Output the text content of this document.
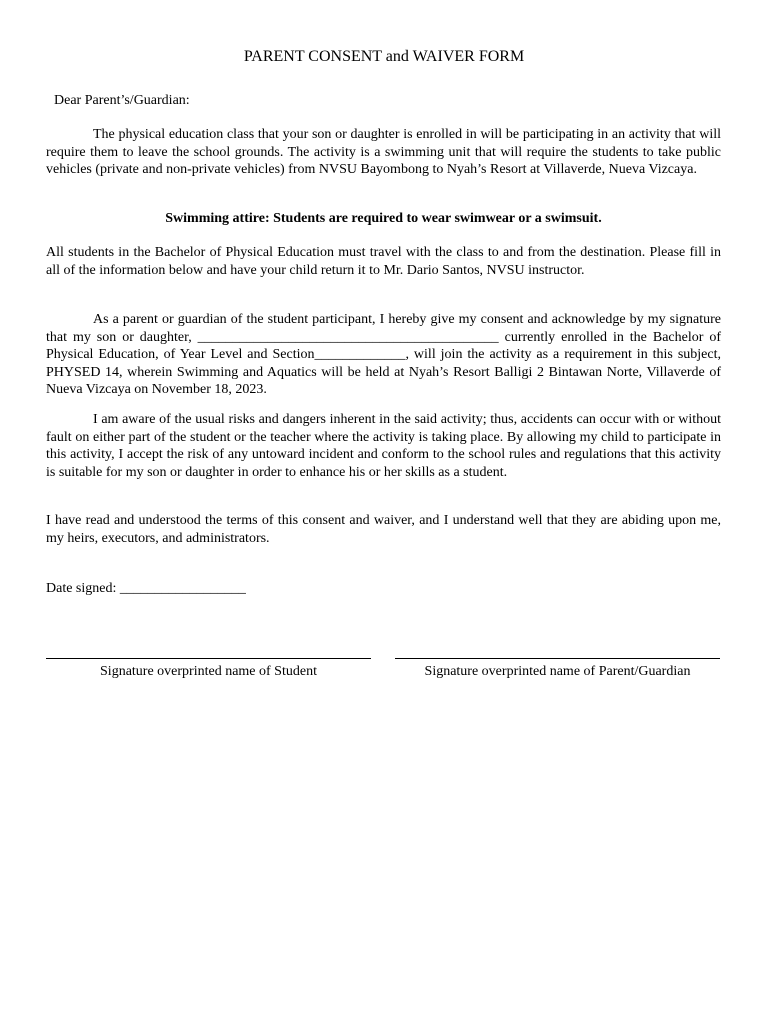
PARENT CONSENT and WAIVER FORM
Dear Parent’s/Guardian:

The physical education class that your son or daughter is enrolled in will be participating in an activity that will require them to leave the school grounds. The activity is a swimming unit that will require the students to take public vehicles (private and non-private vehicles) from NVSU Bayombong to Nyah’s Resort at Villaverde, Nueva Vizcaya.

Swimming attire: Students are required to wear swimwear or a swimsuit.

All students in the Bachelor of Physical Education must travel with the class to and from the destination. Please fill in all of the information below and have your child return it to Mr. Dario Santos, NVSU instructor.

As a parent or guardian of the student participant, I hereby give my consent and acknowledge by my signature that my son or daughter, ___________________________________________ currently enrolled in the Bachelor of Physical Education, of Year Level and Section_____________, will join the activity as a requirement in this subject, PHYSED 14, wherein Swimming and Aquatics will be held at Nyah’s Resort Balligi 2 Bintawan Norte, Villaverde of Nueva Vizcaya on November 18, 2023.

I am aware of the usual risks and dangers inherent in the said activity; thus, accidents can occur with or without fault on either part of the student or the teacher where the activity is taking place. By allowing my child to participate in this activity, I accept the risk of any untoward incident and conform to the school rules and regulations that this activity is suitable for my son or daughter in order to enhance his or her skills as a student.

I have read and understood the terms of this consent and waiver, and I understand well that they are abiding upon me, my heirs, executors, and administrators.

Date signed: __________________
Signature overprinted name of Student	Signature overprinted name of Parent/Guardian
